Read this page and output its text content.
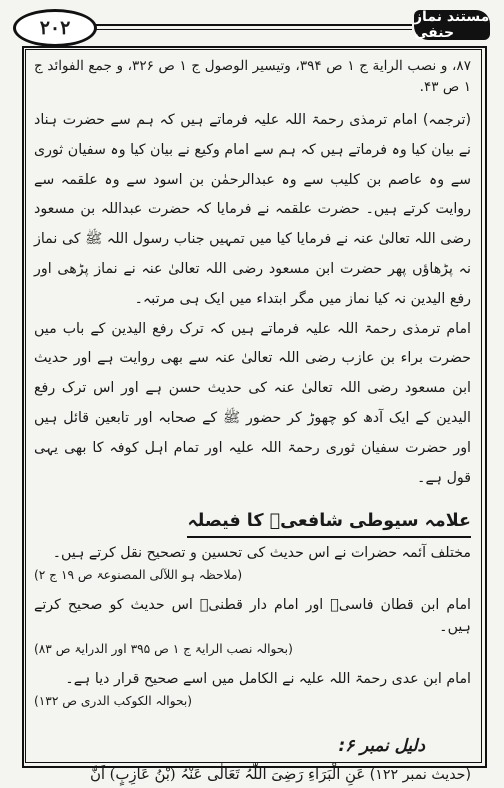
۲۰۲	مستند نماز حنفی

۸۷، و نصب الراية ج ۱ ص ۳۹۴، وتيسير الوصول ج ۱ ص ۳۲۶، و جمع الفوائد ج ۱ ص ۴۳.

(ترجمہ) امام ترمذی رحمۃ اللہ علیہ فرماتے ہیں کہ ہم سے حضرت ہناد نے بیان کیا وہ فرماتے ہیں کہ ہم سے امام وکیع نے بیان کیا وہ سفیان ثوری سے وہ عاصم بن کلیب سے وہ عبدالرحمٰن بن اسود سے وہ علقمہ سے روایت کرتے ہیں۔ حضرت علقمہ نے فرمایا کہ حضرت عبداللہ بن مسعود رضی اللہ تعالیٰ عنہ نے فرمایا کیا میں تمہیں جناب رسول اللہ ﷺ کی نماز نہ پڑھاؤں پھر حضرت ابن مسعود رضی اللہ تعالیٰ عنہ نے نماز پڑھی اور رفع الیدین نہ کیا نماز میں مگر ابتداء میں ایک ہی مرتبہ۔

امام ترمذی رحمۃ اللہ علیہ فرماتے ہیں کہ ترک رفع الیدین کے باب میں حضرت براء بن عازب رضی اللہ تعالیٰ عنہ سے بھی روایت ہے اور حدیث ابن مسعود رضی اللہ تعالیٰ عنہ کی حدیث حسن ہے اور اس ترک رفع الیدین کے ایک آدھ کو چھوڑ کر حضور ﷺ کے صحابہ اور تابعین قائل ہیں اور حضرت سفیان ثوری رحمۃ اللہ علیہ اور تمام اہل کوفہ کا بھی یہی قول ہے۔

علامہ سیوطی شافعیؒ کا فیصلہ

مختلف آئمہ حضرات نے اس حدیث کی تحسین و تصحیح نقل کرتے ہیں۔

(ملاحظہ ہو اللآلی المصنوعۃ ص ۱۹ ج ۲)

امام ابن قطان فاسیؒ اور امام دار قطنیؒ اس حدیث کو صحیح کرتے ہیں۔

(بحوالہ نصب الرایۃ ج ۱ ص ۳۹۵ اور الدرایۃ ص ۸۳)

امام ابن عدی رحمۃ اللہ علیہ نے الکامل میں اسے صحیح قرار دیا ہے۔

(بحوالہ الکوکب الدری ص ۱۳۲)

دلیل نمبر ۶:

(حدیث نمبر ۱۲۲) عَنِ الْبَرَاءِ رَضِیَ اللّٰہُ تَعَالٰی عَنْہُ (بْنُ عَازِبٍ) اَنَّ
